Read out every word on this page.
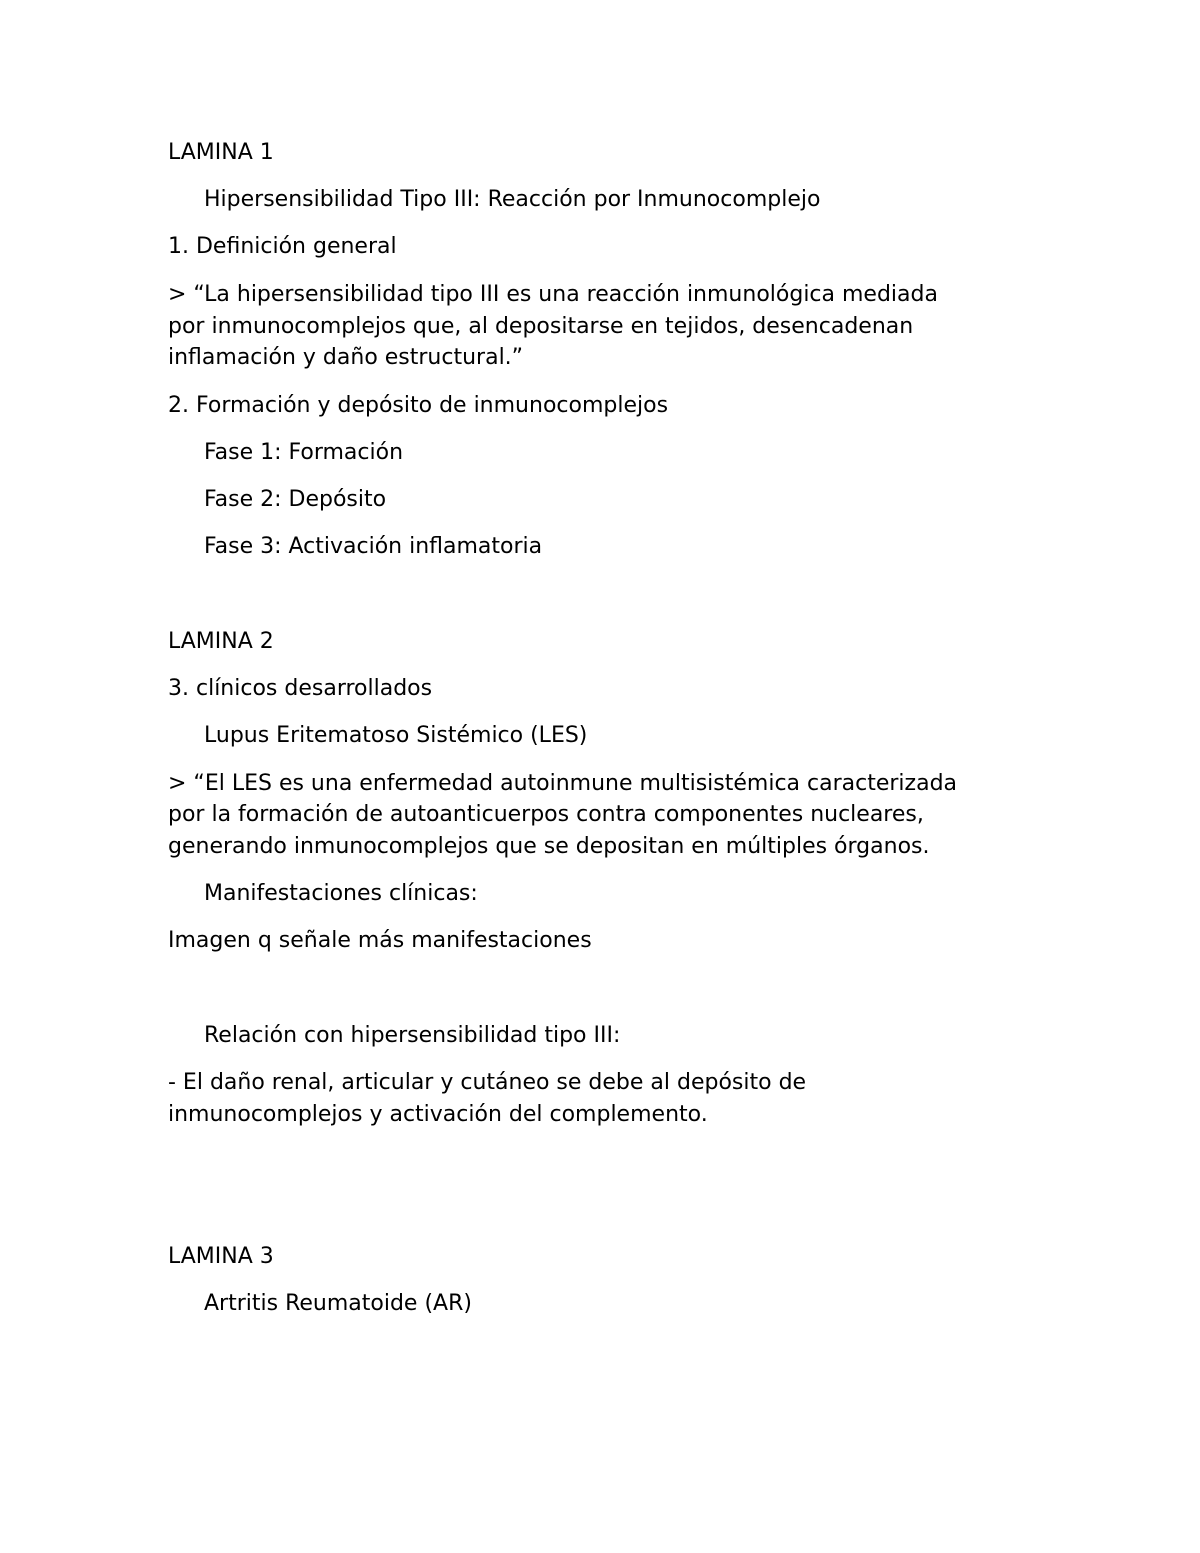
LAMINA 1

Hipersensibilidad Tipo III: Reacción por Inmunocomplejo

1. Definición general

> “La hipersensibilidad tipo III es una reacción inmunológica mediada

por inmunocomplejos que, al depositarse en tejidos, desencadenan

inflamación y daño estructural.”

2. Formación y depósito de inmunocomplejos

Fase 1: Formación

Fase 2: Depósito

Fase 3: Activación inflamatoria

LAMINA 2

3. clínicos desarrollados

Lupus Eritematoso Sistémico (LES)

> “El LES es una enfermedad autoinmune multisistémica caracterizada

por la formación de autoanticuerpos contra componentes nucleares,

generando inmunocomplejos que se depositan en múltiples órganos.

Manifestaciones clínicas:

Imagen q señale más manifestaciones

Relación con hipersensibilidad tipo III:

- El daño renal, articular y cutáneo se debe al depósito de

inmunocomplejos y activación del complemento.

LAMINA 3

Artritis Reumatoide (AR)
